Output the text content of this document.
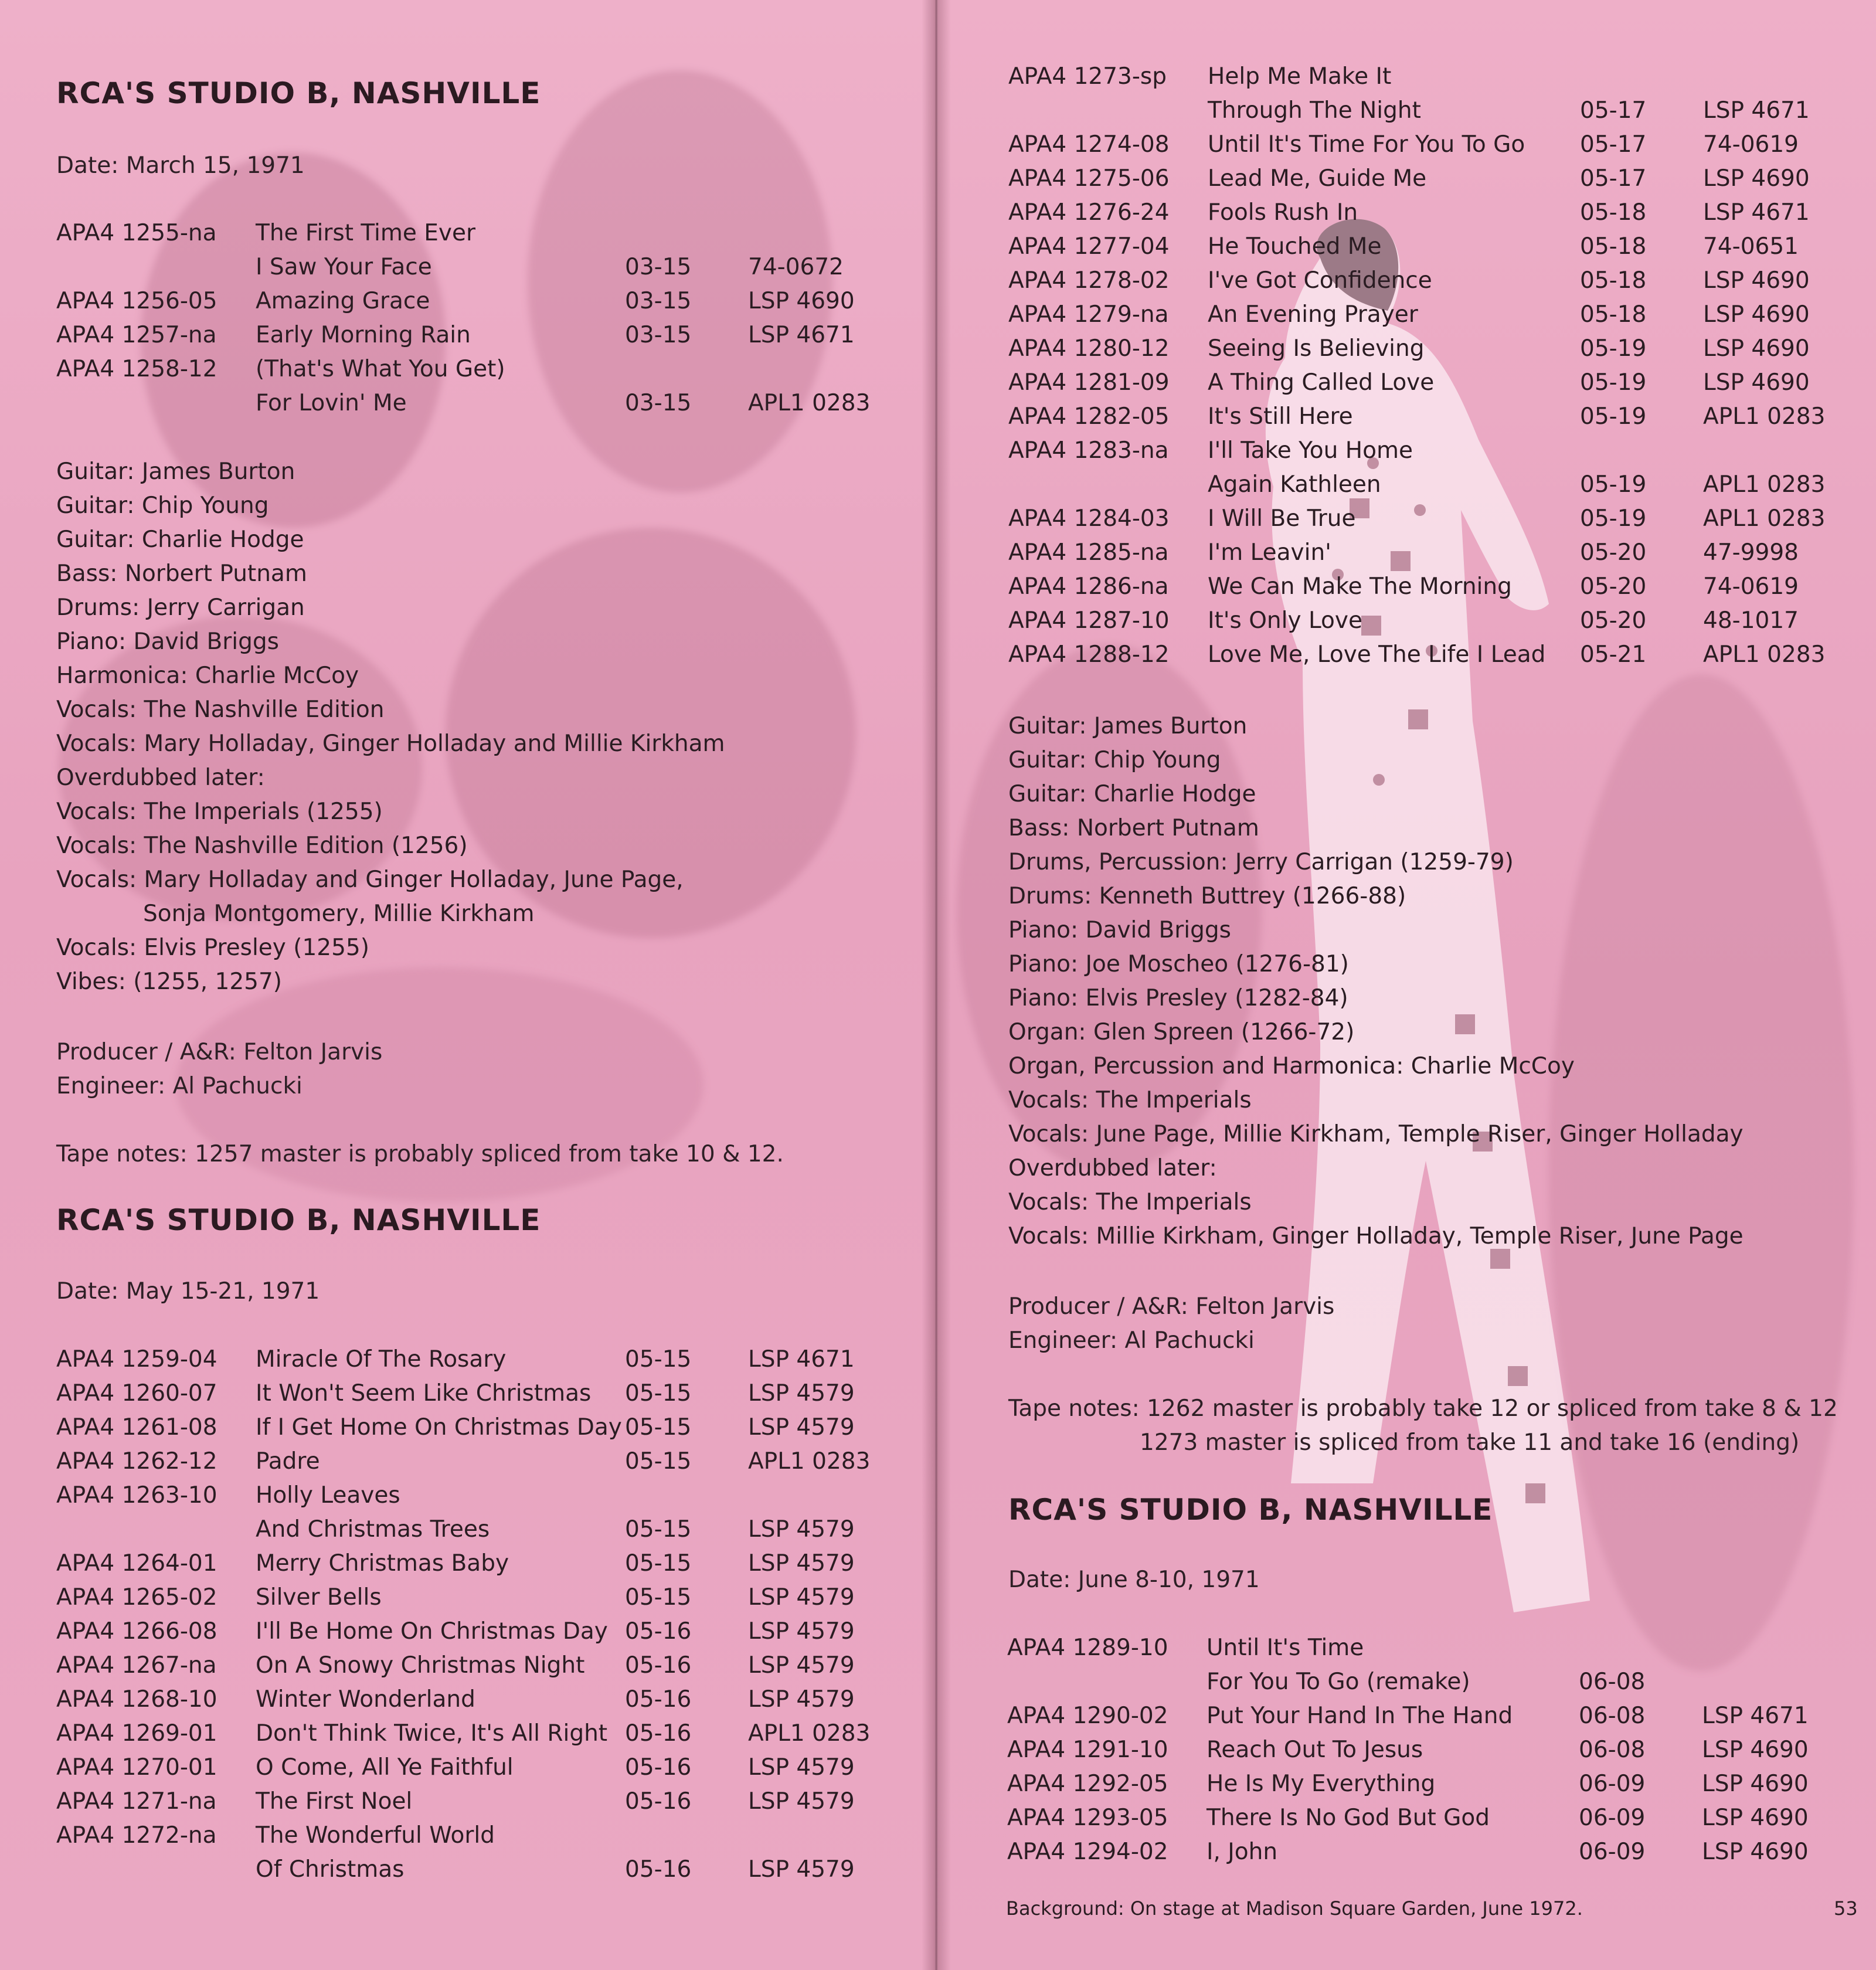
RCA'S STUDIO B, NASHVILLE
Date: March 15, 1971
APA4 1255-na The First Time Ever
I Saw Your Face	03-15 74-0672
APA4 1256-05 Amazing Grace	03-15 LSP 4690
APA4 1257-na Early Morning Rain	03-15 LSP 4671
APA4 1258-12 (That's What You Get)
For Lovin' Me	03-15 APL1 0283
Guitar: James Burton
Guitar: Chip Young
Guitar: Charlie Hodge
Bass: Norbert Putnam
Drums: Jerry Carrigan
Piano: David Briggs
Harmonica: Charlie McCoy
Vocals: The Nashville Edition
Vocals: Mary Holladay, Ginger Holladay and Millie Kirkham
Overdubbed later:
Vocals: The Imperials (1255)
Vocals: The Nashville Edition (1256)
Vocals: Mary Holladay and Ginger Holladay, June Page,
Sonja Montgomery, Millie Kirkham
Vocals: Elvis Presley (1255)
Vibes: (1255, 1257)
Producer / A&R: Felton Jarvis
Engineer: Al Pachucki
Tape notes: 1257 master is probably spliced from take 10 & 12.
RCA'S STUDIO B, NASHVILLE
Date: May 15-21, 1971
APA4 1259-04 Miracle Of The Rosary	05-15 LSP 4671
APA4 1260-07 It Won't Seem Like Christmas 05-15 LSP 4579
APA4 1261-08 If I Get Home On Christmas Day 05-15 LSP 4579
APA4 1262-12 Padre	05-15 APL1 0283
APA4 1263-10 Holly Leaves
And Christmas Trees	05-15 LSP 4579
APA4 1264-01 Merry Christmas Baby	05-15 LSP 4579
APA4 1265-02 Silver Bells	05-15 LSP 4579
APA4 1266-08 I'll Be Home On Christmas Day 05-16 LSP 4579
APA4 1267-na On A Snowy Christmas Night 05-16 LSP 4579
APA4 1268-10 Winter Wonderland	05-16 LSP 4579
APA4 1269-01 Don't Think Twice, It's All Right 05-16 APL1 0283
APA4 1270-01 O Come, All Ye Faithful	05-16 LSP 4579
APA4 1271-na The First Noel	05-16 LSP 4579
APA4 1272-na The Wonderful World
Of Christmas	05-16 LSP 4579
APA4 1273-sp Help Me Make It
Through The Night	05-17 LSP 4671
APA4 1274-08 Until It's Time For You To Go 05-17 74-0619
APA4 1275-06 Lead Me, Guide Me	05-17 LSP 4690
APA4 1276-24 Fools Rush In	05-18 LSP 4671
APA4 1277-04 He Touched Me	05-18 74-0651
APA4 1278-02 I've Got Confidence	05-18 LSP 4690
APA4 1279-na An Evening Prayer	05-18 LSP 4690
APA4 1280-12 Seeing Is Believing	05-19 LSP 4690
APA4 1281-09 A Thing Called Love	05-19 LSP 4690
APA4 1282-05 It's Still Here	05-19 APL1 0283
APA4 1283-na I'll Take You Home
Again Kathleen	05-19 APL1 0283
APA4 1284-03 I Will Be True	05-19 APL1 0283
APA4 1285-na I'm Leavin'	05-20 47-9998
APA4 1286-na We Can Make The Morning	05-20 74-0619
APA4 1287-10 It's Only Love	05-20 48-1017
APA4 1288-12 Love Me, Love The Life I Lead 05-21 APL1 0283
Guitar: James Burton
Guitar: Chip Young
Guitar: Charlie Hodge
Bass: Norbert Putnam
Drums, Percussion: Jerry Carrigan (1259-79)
Drums: Kenneth Buttrey (1266-88)
Piano: David Briggs
Piano: Joe Moscheo (1276-81)
Piano: Elvis Presley (1282-84)
Organ: Glen Spreen (1266-72)
Organ, Percussion and Harmonica: Charlie McCoy
Vocals: The Imperials
Vocals: June Page, Millie Kirkham, Temple Riser, Ginger Holladay
Overdubbed later:
Vocals: The Imperials
Vocals: Millie Kirkham, Ginger Holladay, Temple Riser, June Page
Producer / A&R: Felton Jarvis
Engineer: Al Pachucki
Tape notes: 1262 master is probably take 12 or spliced from take 8 & 12
1273 master is spliced from take 11 and take 16 (ending)
RCA'S STUDIO B, NASHVILLE
Date: June 8-10, 1971
APA4 1289-10 Until It's Time
For You To Go (remake)	06-08
APA4 1290-02 Put Your Hand In The Hand	06-08 LSP 4671
APA4 1291-10 Reach Out To Jesus	06-08 LSP 4690
APA4 1292-05 He Is My Everything	06-09 LSP 4690
APA4 1293-05 There Is No God But God	06-09 LSP 4690
APA4 1294-02 I, John	06-09 LSP 4690
Background: On stage at Madison Square Garden, June 1972.	53
